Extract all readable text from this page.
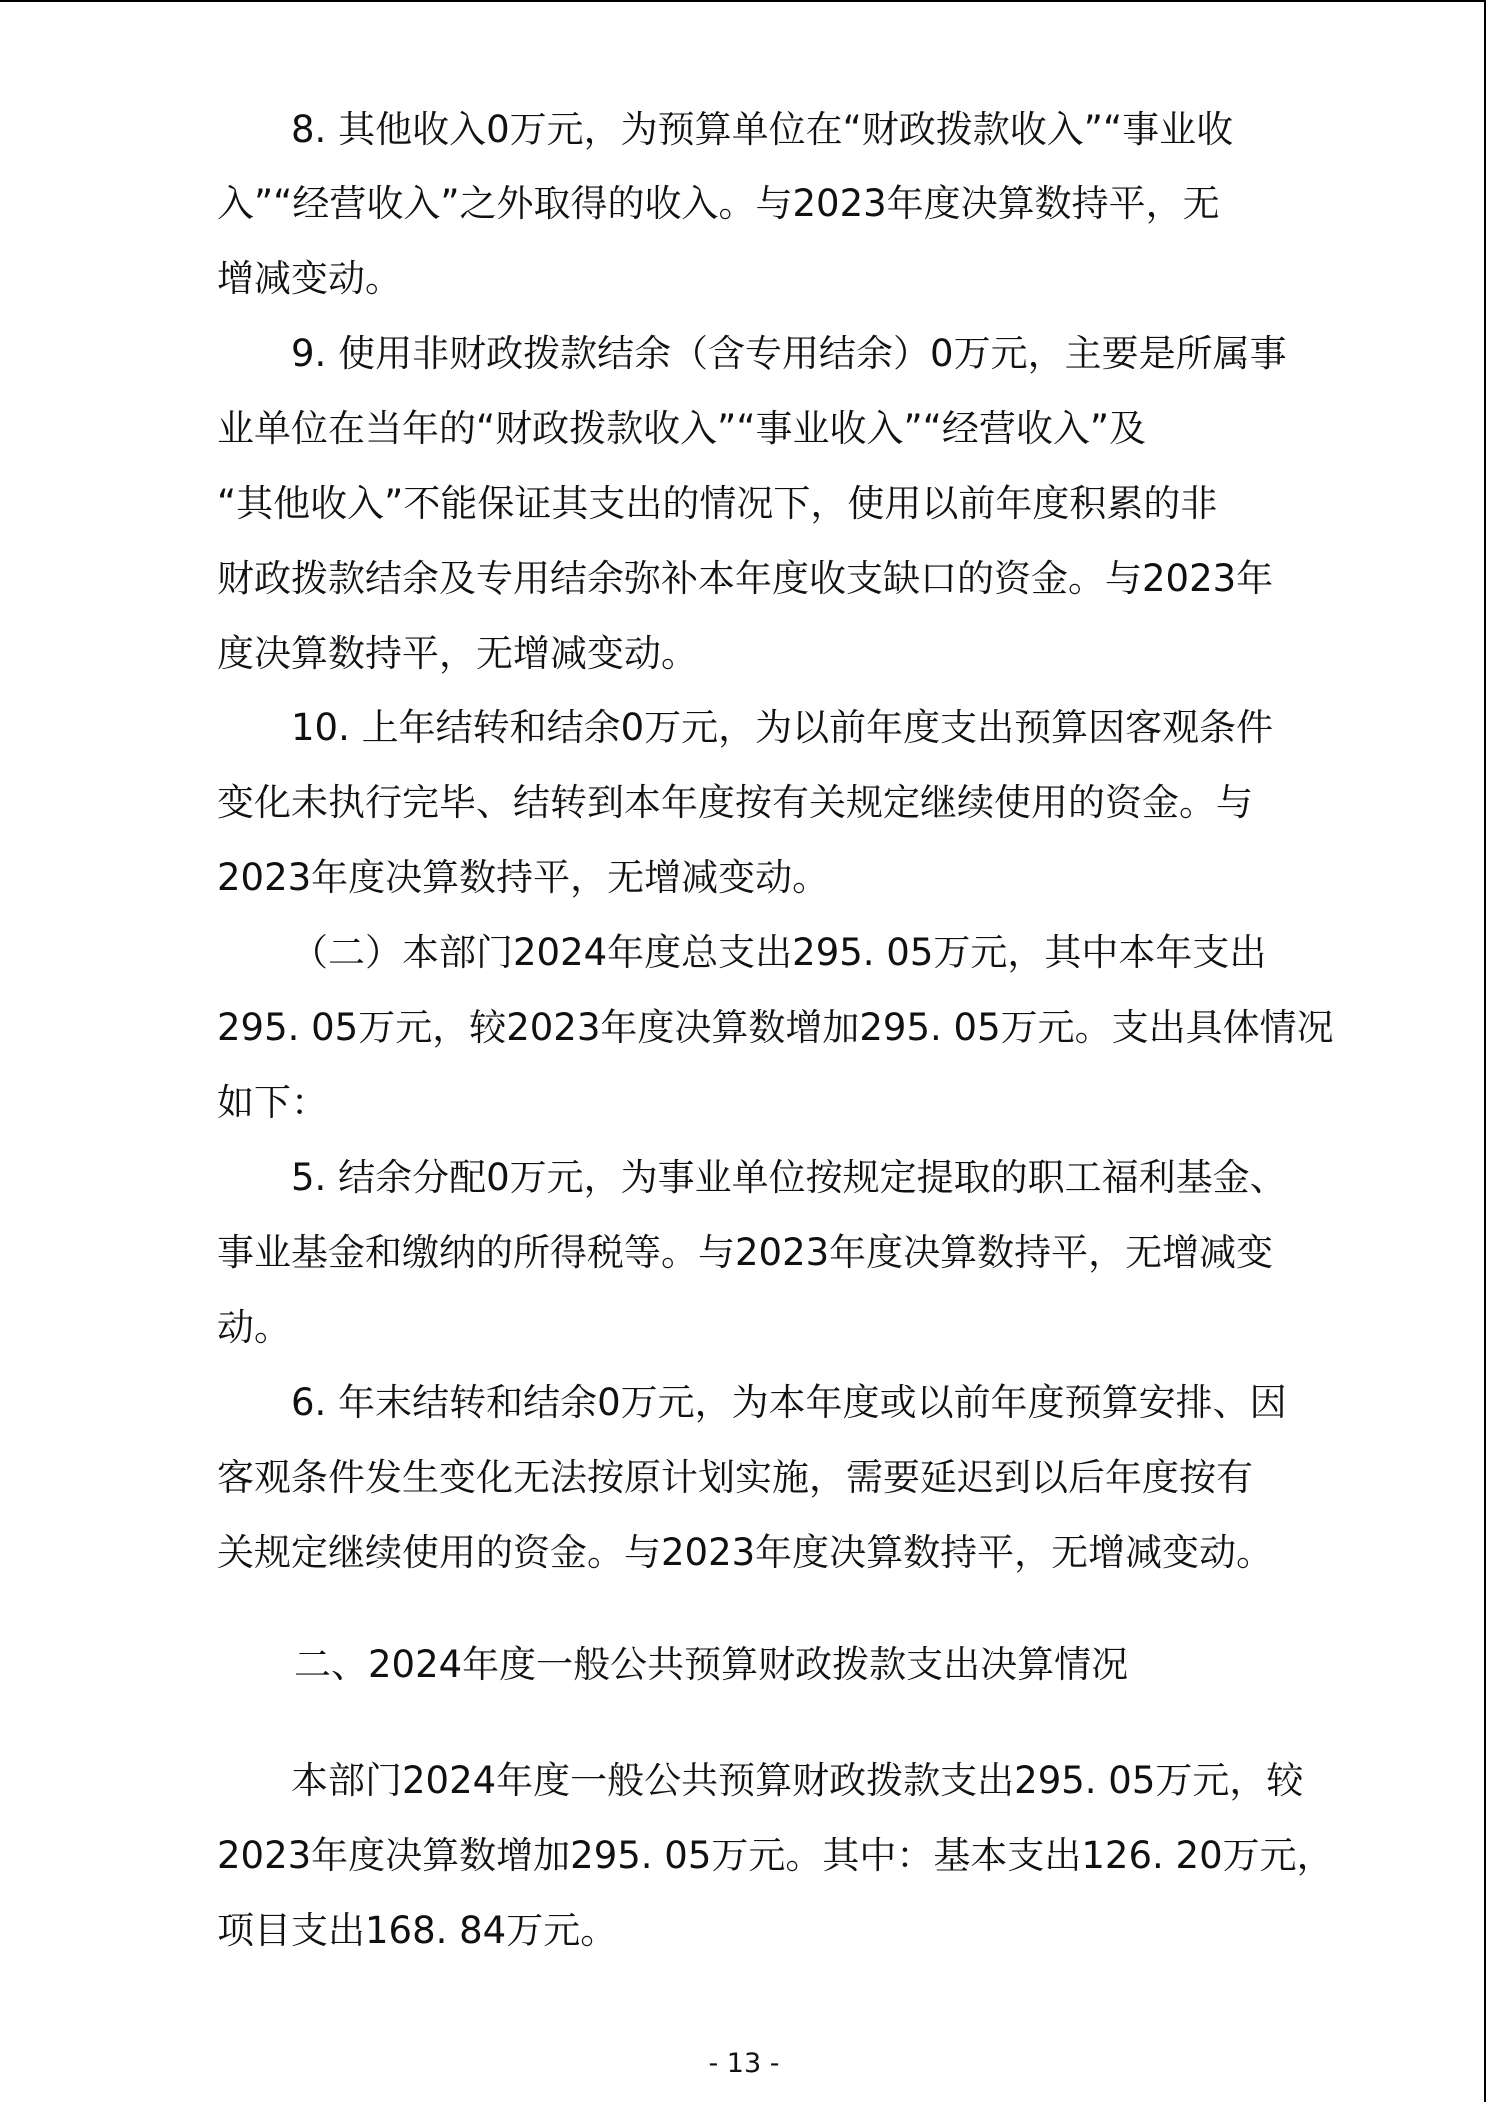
8. 其他收入0万元，为预算单位在“财政拨款收入”“事业收
入”“经营收入”之外取得的收入。与2023年度决算数持平，无
增减变动。
9. 使用非财政拨款结余（含专用结余）0万元，主要是所属事
业单位在当年的“财政拨款收入”“事业收入”“经营收入”及
“其他收入”不能保证其支出的情况下，使用以前年度积累的非
财政拨款结余及专用结余弥补本年度收支缺口的资金。与2023年
度决算数持平，无增减变动。
10. 上年结转和结余0万元，为以前年度支出预算因客观条件
变化未执行完毕、结转到本年度按有关规定继续使用的资金。与
2023年度决算数持平，无增减变动。
（二）本部门2024年度总支出295. 05万元，其中本年支出
295. 05万元，较2023年度决算数增加295. 05万元。支出具体情况
如下：
5. 结余分配0万元，为事业单位按规定提取的职工福利基金、
事业基金和缴纳的所得税等。与2023年度决算数持平，无增减变
动。
6. 年末结转和结余0万元，为本年度或以前年度预算安排、因
客观条件发生变化无法按原计划实施，需要延迟到以后年度按有
关规定继续使用的资金。与2023年度决算数持平，无增减变动。
二、2024年度一般公共预算财政拨款支出决算情况
本部门2024年度一般公共预算财政拨款支出295. 05万元，较
2023年度决算数增加295. 05万元。其中：基本支出126. 20万元，
项目支出168. 84万元。
- 13 -
